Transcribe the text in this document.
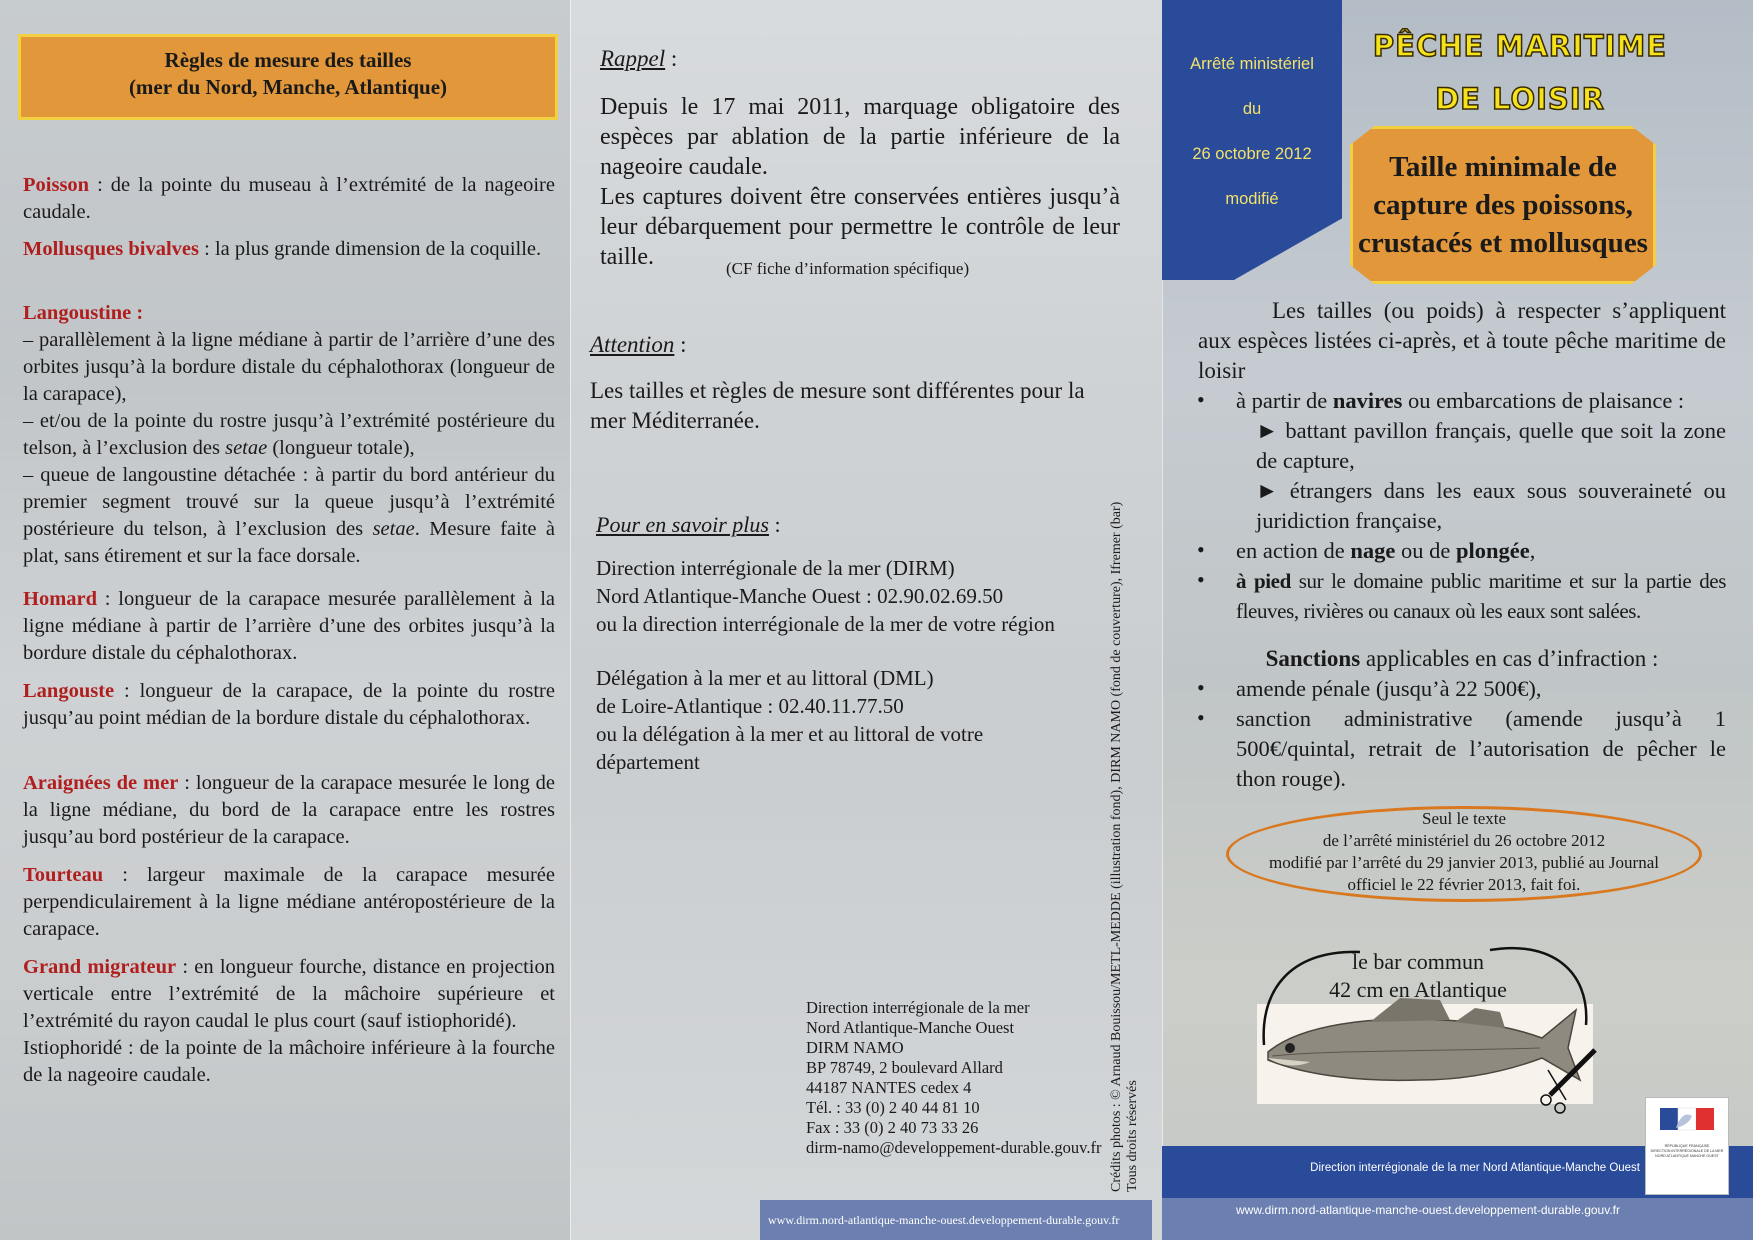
Règles de mesure des tailles
(mer du Nord, Manche, Atlantique)
Poisson : de la pointe du museau à l’extrémité de la nageoire caudale.
Mollusques bivalves : la plus grande dimension de la coquille.
Langoustine :
– parallèlement à la ligne médiane à partir de l’arrière d’une des orbites jusqu’à la bordure distale du céphalothorax (longueur de la carapace),
– et/ou de la pointe du rostre jusqu’à l’extrémité postérieure du telson, à l’exclusion des setae (longueur totale),
– queue de langoustine détachée : à partir du bord antérieur du premier segment trouvé sur la queue jusqu’à l’extrémité postérieure du telson, à l’exclusion des setae. Mesure faite à plat, sans étirement et sur la face dorsale.
Homard : longueur de la carapace mesurée parallèlement à la ligne médiane à partir de l’arrière d’une des orbites jusqu’à la bordure distale du céphalothorax.
Langouste : longueur de la carapace, de la pointe du rostre jusqu’au point médian de la bordure distale du céphalothorax.
Araignées de mer : longueur de la carapace mesurée le long de la ligne médiane, du bord de la carapace entre les rostres jusqu’au bord postérieur de la carapace.
Tourteau : largeur maximale de la carapace mesurée perpendiculairement à la ligne médiane antéropostérieure de la carapace.
Grand migrateur : en longueur fourche, distance en projection verticale entre l’extrémité de la mâchoire supérieure et l’extrémité du rayon caudal le plus court (sauf istiophoridé).
Istiophoridé : de la pointe de la mâchoire inférieure à la fourche de la nageoire caudale.
Rappel :
Depuis le 17 mai 2011, marquage obligatoire des espèces par ablation de la partie inférieure de la nageoire caudale.
Les captures doivent être conservées entières jusqu’à leur débarquement pour permettre le contrôle de leur taille.	(CF fiche d’information spécifique)
Attention :
Les tailles et règles de mesure sont différentes pour la mer Méditerranée.
Pour en savoir plus :
Direction interrégionale de la mer (DIRM)
Nord Atlantique-Manche Ouest : 02.90.02.69.50
ou la direction interrégionale de la mer de votre région
Délégation à la mer et au littoral (DML)
de Loire-Atlantique : 02.40.11.77.50
ou la délégation à la mer et au littoral de votre
département
Direction interrégionale de la mer
Nord Atlantique-Manche Ouest
DIRM NAMO
BP 78749, 2 boulevard Allard
44187 NANTES cedex 4
Tél. : 33 (0) 2 40 44 81 10
Fax : 33 (0) 2 40 73 33 26
dirm-namo@developpement-durable.gouv.fr Crédits photos : © Arnaud Bouissou/METL-MEDDE (illustration fond), DIRM NAMO (fond de couverture), Ifremer (bar) Tous droits réservés
www.dirm.nord-atlantique-manche-ouest.developpement-durable.gouv.fr
Arrêté ministériel
du
26 octobre 2012
modifié
PÊCHE MARITIME
DE LOISIR
Taille minimale de
capture des poissons,
crustacés et mollusques
Les tailles (ou poids) à respecter s’appliquent aux espèces listées ci-après, et à toute pêche maritime de loisir
• à partir de navires ou embarcations de plaisance :
► battant pavillon français, quelle que soit la zone de capture,
► étrangers dans les eaux sous souveraineté ou juridiction française,
• en action de nage ou de plongée,
• à pied sur le domaine public maritime et sur la partie des fleuves, rivières ou canaux où les eaux sont salées.
Sanctions applicables en cas d’infraction :
• amende pénale (jusqu’à 22 500€),
• sanction administrative (amende jusqu’à 1 500€/quintal, retrait de l’autorisation de pêcher le thon rouge).
Seul le texte
de l’arrêté ministériel du 26 octobre 2012
modifié par l’arrêté du 29 janvier 2013, publié au Journal
officiel le 22 février 2013, fait foi.
le bar commun
42 cm en Atlantique
Direction interrégionale de la mer Nord Atlantique-Manche Ouest
www.dirm.nord-atlantique-manche-ouest.developpement-durable.gouv.fr
RÉPUBLIQUE FRANÇAISE
DIRECTION INTERRÉGIONALE DE LA MER
NORD ATLANTIQUE MANCHE OUEST
